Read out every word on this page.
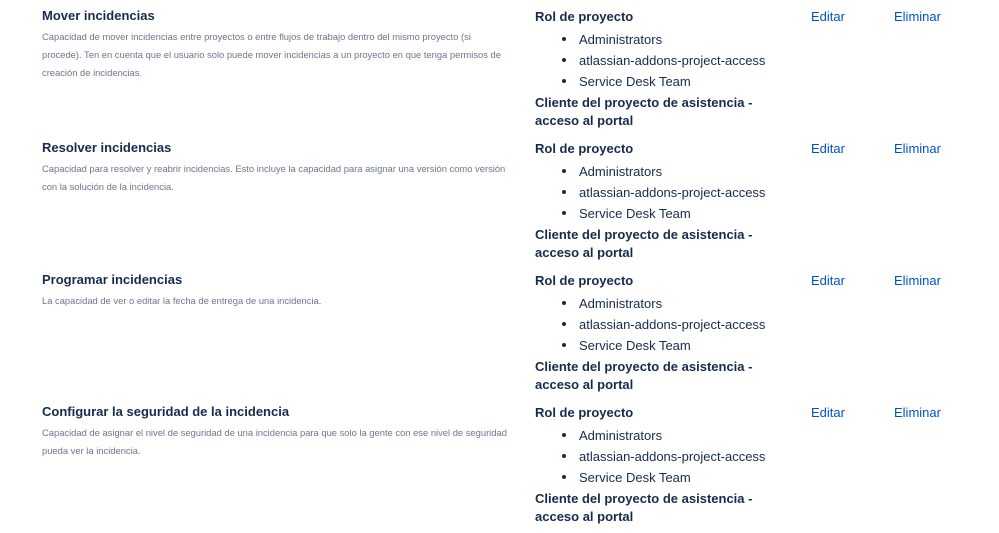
Mover incidencias
Capacidad de mover incidencias entre proyectos o entre flujos de trabajo dentro del mismo proyecto (si procede). Ten en cuenta que el usuario solo puede mover incidencias a un proyecto en que tenga permisos de creación de incidencias.
Rol de proyecto
Administrators
atlassian-addons-project-access
Service Desk Team
Cliente del proyecto de asistencia - acceso al portal
Editar	Eliminar
Resolver incidencias
Capacidad para resolver y reabrir incidencias. Esto incluye la capacidad para asignar una versión como versión con la solución de la incidencia.
Rol de proyecto
Administrators
atlassian-addons-project-access
Service Desk Team
Cliente del proyecto de asistencia - acceso al portal
Editar	Eliminar
Programar incidencias
La capacidad de ver o editar la fecha de entrega de una incidencia.
Rol de proyecto
Administrators
atlassian-addons-project-access
Service Desk Team
Cliente del proyecto de asistencia - acceso al portal
Editar	Eliminar
Configurar la seguridad de la incidencia
Capacidad de asignar el nivel de seguridad de una incidencia para que solo la gente con ese nivel de seguridad pueda ver la incidencia.
Rol de proyecto
Administrators
atlassian-addons-project-access
Service Desk Team
Cliente del proyecto de asistencia - acceso al portal
Editar	Eliminar
